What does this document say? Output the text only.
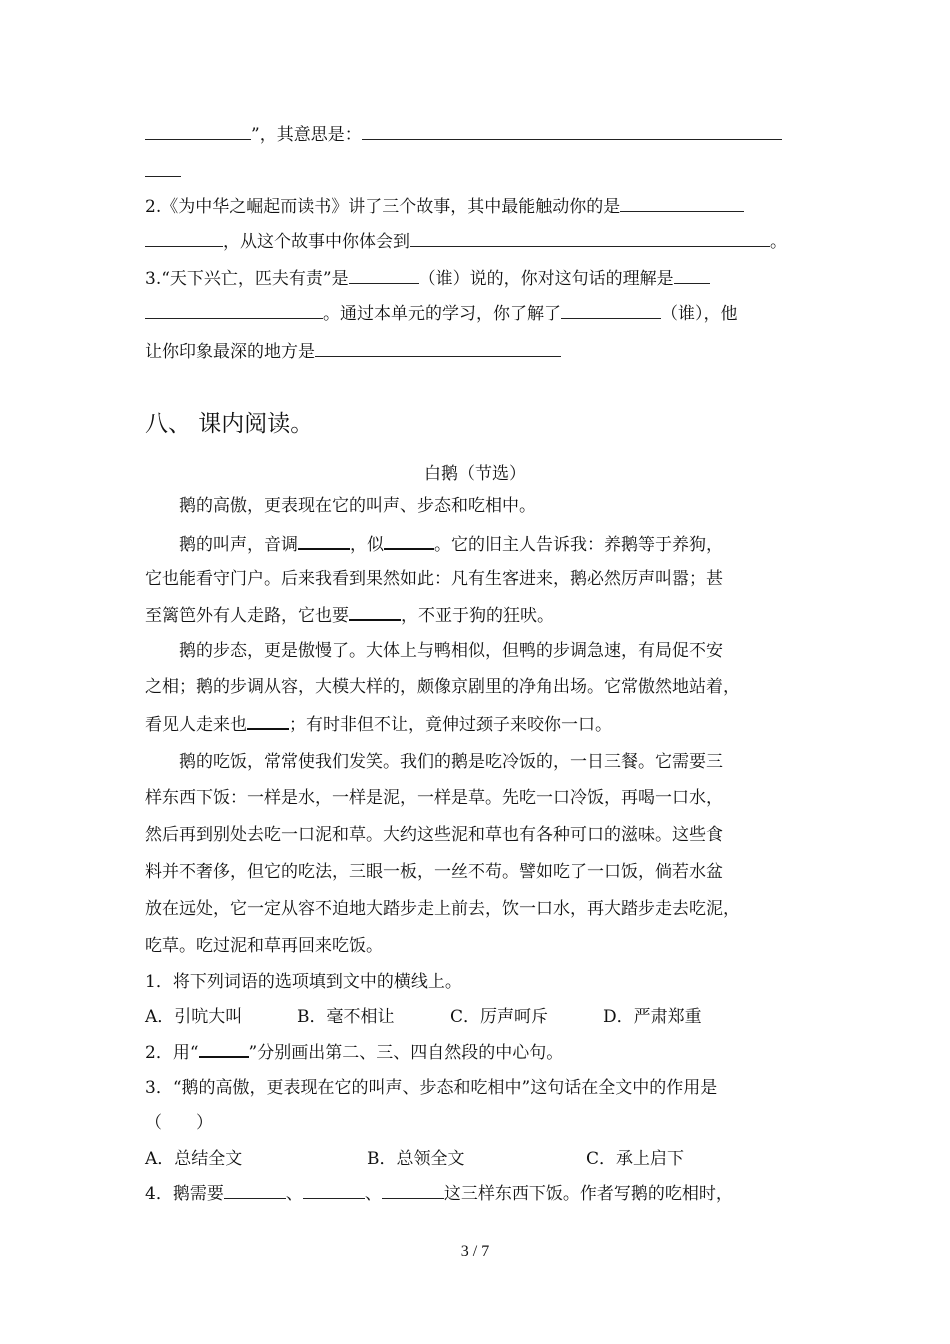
”，其意思是：
2.《为中华之崛起而读书》讲了三个故事，其中最能触动你的是
，从这个故事中你体会到	。
3.“天下兴亡，匹夫有责”是	（谁）说的，你对这句话的理解是
。通过本单元的学习，你了解了	（谁），他
让你印象最深的地方是
八、 课内阅读。
白鹅（节选）
鹅的高傲，更表现在它的叫声、步态和吃相中。
鹅的叫声，音调	，似	。它的旧主人告诉我：养鹅等于养狗，
它也能看守门户。后来我看到果然如此：凡有生客进来，鹅必然厉声叫嚣；甚
至篱笆外有人走路，它也要	，不亚于狗的狂吠。
鹅的步态，更是傲慢了。大体上与鸭相似，但鸭的步调急速，有局促不安
之相；鹅的步调从容，大模大样的，颇像京剧里的净角出场。它常傲然地站着，
看见人走来也 ；有时非但不让，竟伸过颈子来咬你一口。
鹅的吃饭，常常使我们发笑。我们的鹅是吃冷饭的，一日三餐。它需要三
样东西下饭：一样是水，一样是泥，一样是草。先吃一口冷饭，再喝一口水，
然后再到别处去吃一口泥和草。大约这些泥和草也有各种可口的滋味。这些食
料并不奢侈，但它的吃法，三眼一板，一丝不苟。譬如吃了一口饭，倘若水盆
放在远处，它一定从容不迫地大踏步走上前去，饮一口水，再大踏步走去吃泥，
吃草。吃过泥和草再回来吃饭。
1．将下列词语的选项填到文中的横线上。
A．引吭大叫	B．毫不相让	C．厉声呵斥	D．严肃郑重
2．用“	”分别画出第二、三、四自然段的中心句。
3．“鹅的高傲，更表现在它的叫声、步态和吃相中”这句话在全文中的作用是
（　　）
A．总结全文	B．总领全文	C．承上启下
4．鹅需要	、	、	这三样东西下饭。作者写鹅的吃相时，
3 / 7
